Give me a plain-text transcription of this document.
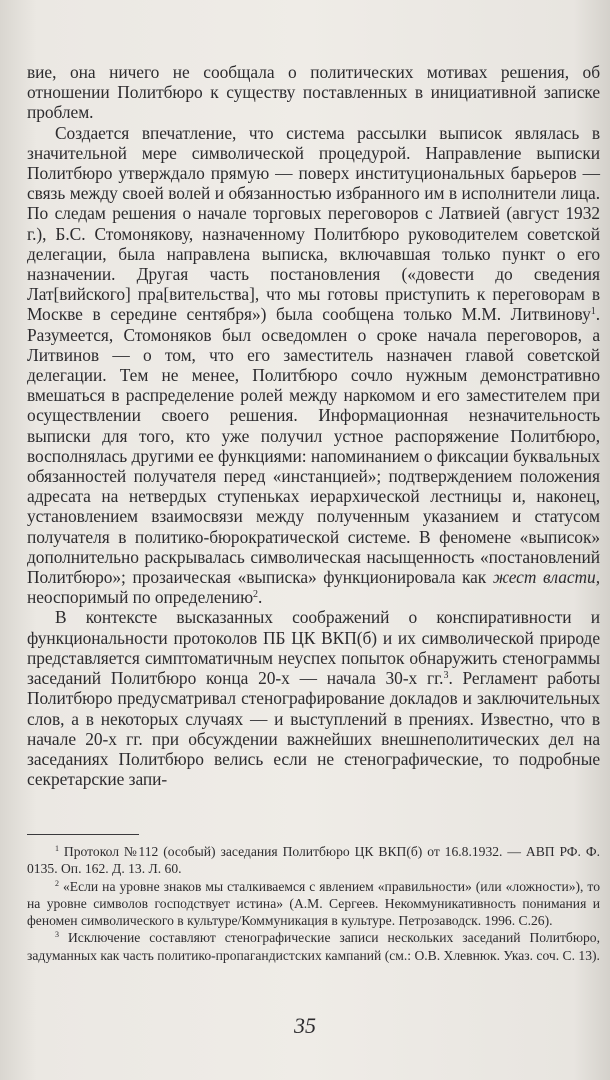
вие, она ничего не сообщала о политических мотивах решения, об отношении Политбюро к существу поставленных в инициативной записке проблем.

Создается впечатление, что система рассылки выписок являлась в значительной мере символической процедурой. Направление выписки Политбюро утверждало прямую — поверх институциональных барьеров — связь между своей волей и обязанностью избранного им в исполнители лица. По следам решения о начале торговых переговоров с Латвией (август 1932 г.), Б.С. Стомонякову, назначенному Политбюро руководителем советской делегации, была направлена выписка, включавшая только пункт о его назначении. Другая часть постановления («довести до сведения Лат[вийского] пра[вительства], что мы готовы приступить к переговорам в Москве в середине сентября») была сообщена только М.М. Литвинову$^1$. Разумеется, Стомоняков был осведомлен о сроке начала переговоров, а Литвинов — о том, что его заместитель назначен главой советской делегации. Тем не менее, Политбюро сочло нужным демонстративно вмешаться в распределение ролей между наркомом и его заместителем при осуществлении своего решения. Информационная незначительность выписки для того, кто уже получил устное распоряжение Политбюро, восполнялась другими ее функциями: напоминанием о фиксации буквальных обязанностей получателя перед «инстанцией»; подтверждением положения адресата на нетвердых ступеньках иерархической лестницы и, наконец, установлением взаимосвязи между полученным указанием и статусом получателя в политико-бюрократической системе. В феномене «выписок» дополнительно раскрывалась символическая насыщенность «постановлений Политбюро»; прозаическая «выписка» функционировала как жест власти, неоспоримый по определению$^2$.

В контексте высказанных соображений о конспиративности и функциональности протоколов ПБ ЦК ВКП(б) и их символической природе представляется симптоматичным неуспех попыток обнаружить стенограммы заседаний Политбюро конца 20-х — начала 30-х гг.$^3$. Регламент работы Политбюро предусматривал стенографирование докладов и заключительных слов, а в некоторых случаях — и выступлений в прениях. Известно, что в начале 20-х гг. при обсуждении важнейших внешнеполитических дел на заседаниях Политбюро велись если не стенографические, то подробные секретарские запи-

$^1$ Протокол №112 (особый) заседания Политбюро ЦК ВКП(б) от 16.8.1932. — АВП РФ. Ф. 0135. Оп. 162. Д. 13. Л. 60.

$^2$ «Если на уровне знаков мы сталкиваемся с явлением «правильности» (или «ложности»), то на уровне символов господствует истина» (А.М. Сергеев. Некоммуникативность понимания и феномен символического в культуре/Коммуникация в культуре. Петрозаводск. 1996. С.26).

$^3$ Исключение составляют стенографические записи нескольких заседаний Политбюро, задуманных как часть политико-пропагандистских кампаний (см.: О.В. Хлевнюк. Указ. соч. С. 13).

35
